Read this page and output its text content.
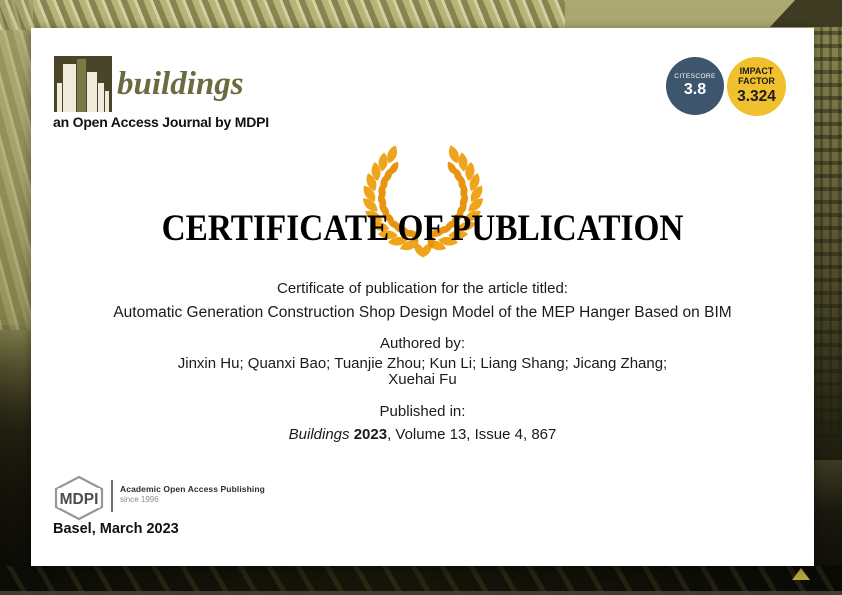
buildings
an Open Access Journal by MDPI
CITESCORE
3.8
IMPACT
FACTOR
3.324
CERTIFICATE OF PUBLICATION
Certificate of publication for the article titled:
Automatic Generation Construction Shop Design Model of the MEP Hanger Based on BIM
Authored by:
Jinxin Hu; Quanxi Bao; Tuanjie Zhou; Kun Li; Liang Shang; Jicang Zhang;
Xuehai Fu
Published in:
Buildings 2023, Volume 13, Issue 4, 867
MDPI
Academic Open Access Publishing
since 1996
Basel, March 2023
